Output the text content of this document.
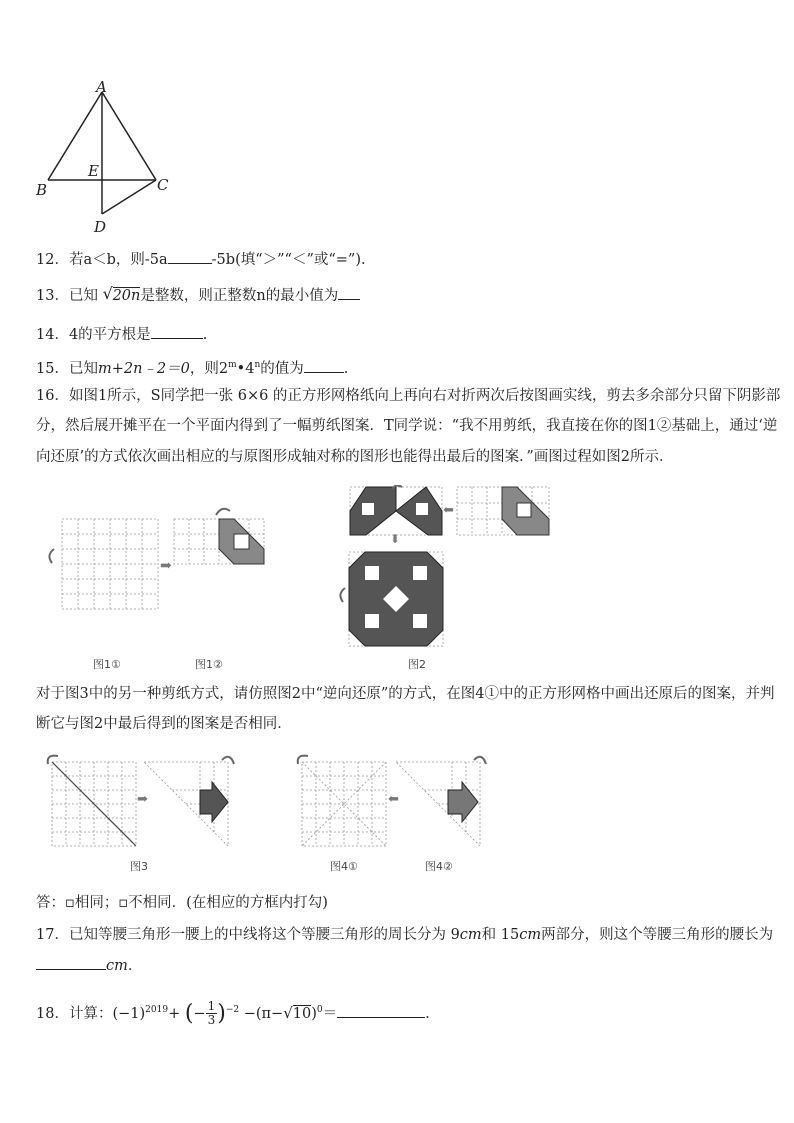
A
B	C
D
E
12．若a＜b，则-5a	-5b(填“＞”“＜”或“=”).
13．已知 √ 20n是整数，则正整数n的最小值为
14．4的平方根是	.
15．已知m+2n﹣2＝0，则2$^m$•4$^n$的值为	.
16．如图1所示，S同学把一张 6×6 的正方形网格纸向上再向右对折两次后按图画实线，剪去多余部分只留下阴影部
分，然后展开摊平在一个平面内得到了一幅剪纸图案．T同学说：“我不用剪纸，我直接在你的图1②基础上，通过‘逆
向还原’的方式依次画出相应的与原图形成轴对称的图形也能得出最后的图案．”画图过程如图2所示．
➡
⬅
⬇
图1①	图1②	图2
对于图3中的另一种剪纸方式，请仿照图2中“逆向还原”的方式，在图4①中的正方形网格中画出还原后的图案，并判
断它与图2中最后得到的图案是否相同．
➡	⬅
图3	图4①	图4②
答：▫相同；▫不相同．(在相应的方框内打勾)
17．已知等腰三角形一腰上的中线将这个等腰三角形的周长分为 9cm和 15cm两部分，则这个等腰三角形的腰长为
cm．
18．计算：$(-1)^{2019}+$ (− $\frac{1}{3} )^{-2} -(\pi-√10)^0=$	.
